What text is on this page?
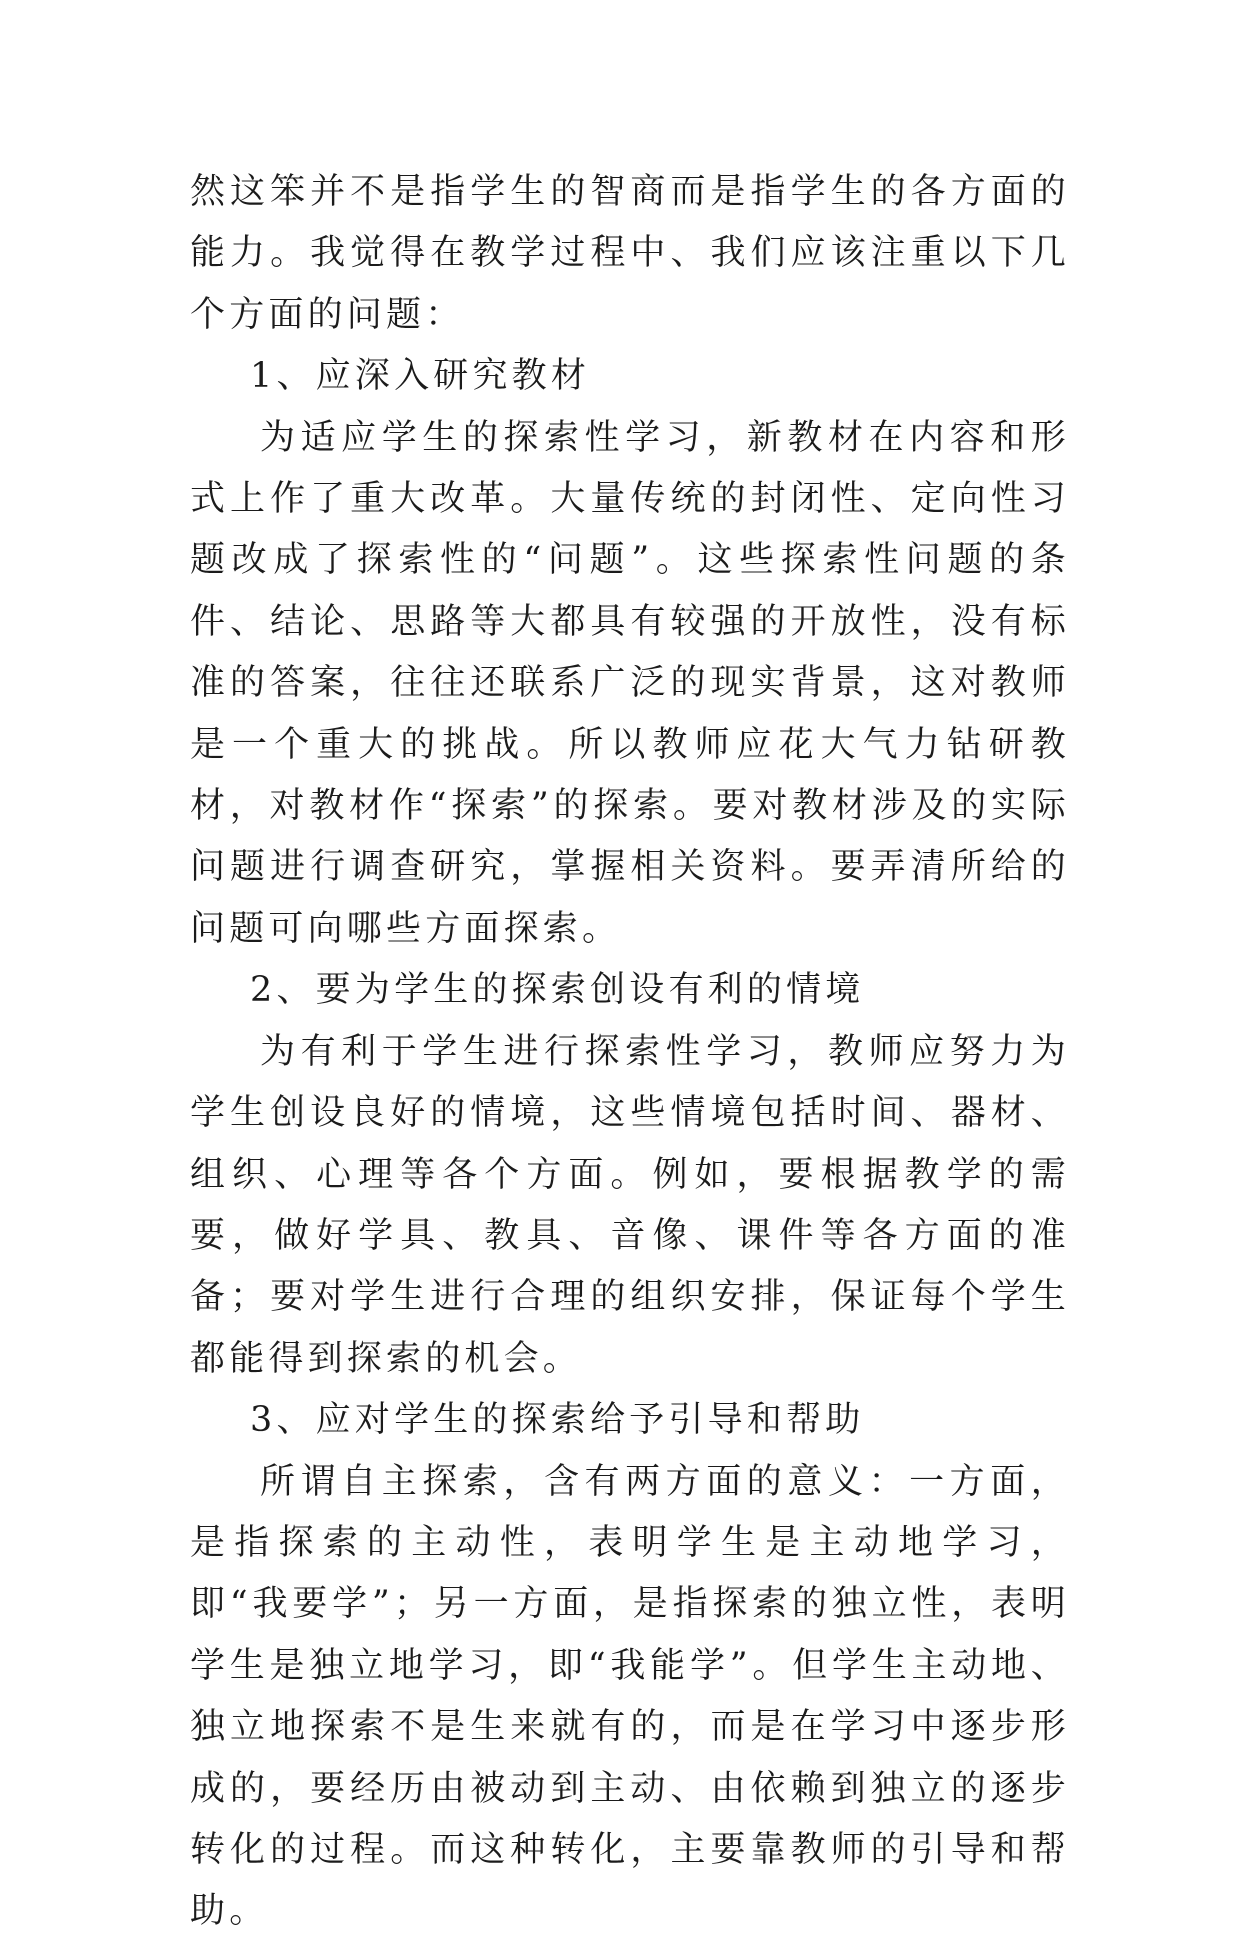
然这笨并不是指学生的智商而是指学生的各方面的能力。我觉得在教学过程中、我们应该注重以下几个方面的问题：

1、应深入研究教材

为适应学生的探索性学习，新教材在内容和形式上作了重大改革。大量传统的封闭性、定向性习题改成了探索性的“问题”。这些探索性问题的条件、结论、思路等大都具有较强的开放性，没有标准的答案，往往还联系广泛的现实背景，这对教师是一个重大的挑战。所以教师应花大气力钻研教材，对教材作“探索”的探索。要对教材涉及的实际问题进行调查研究，掌握相关资料。要弄清所给的问题可向哪些方面探索。

2、要为学生的探索创设有利的情境

为有利于学生进行探索性学习，教师应努力为学生创设良好的情境，这些情境包括时间、器材、组织、心理等各个方面。例如，要根据教学的需要，做好学具、教具、音像、课件等各方面的准备；要对学生进行合理的组织安排，保证每个学生都能得到探索的机会。

3、应对学生的探索给予引导和帮助

所谓自主探索，含有两方面的意义：一方面，是指探索的主动性，表明学生是主动地学习，即“我要学”；另一方面，是指探索的独立性，表明学生是独立地学习，即“我能学”。但学生主动地、独立地探索不是生来就有的，而是在学习中逐步形成的，要经历由被动到主动、由依赖到独立的逐步转化的过程。而这种转化，主要靠教师的引导和帮助。
